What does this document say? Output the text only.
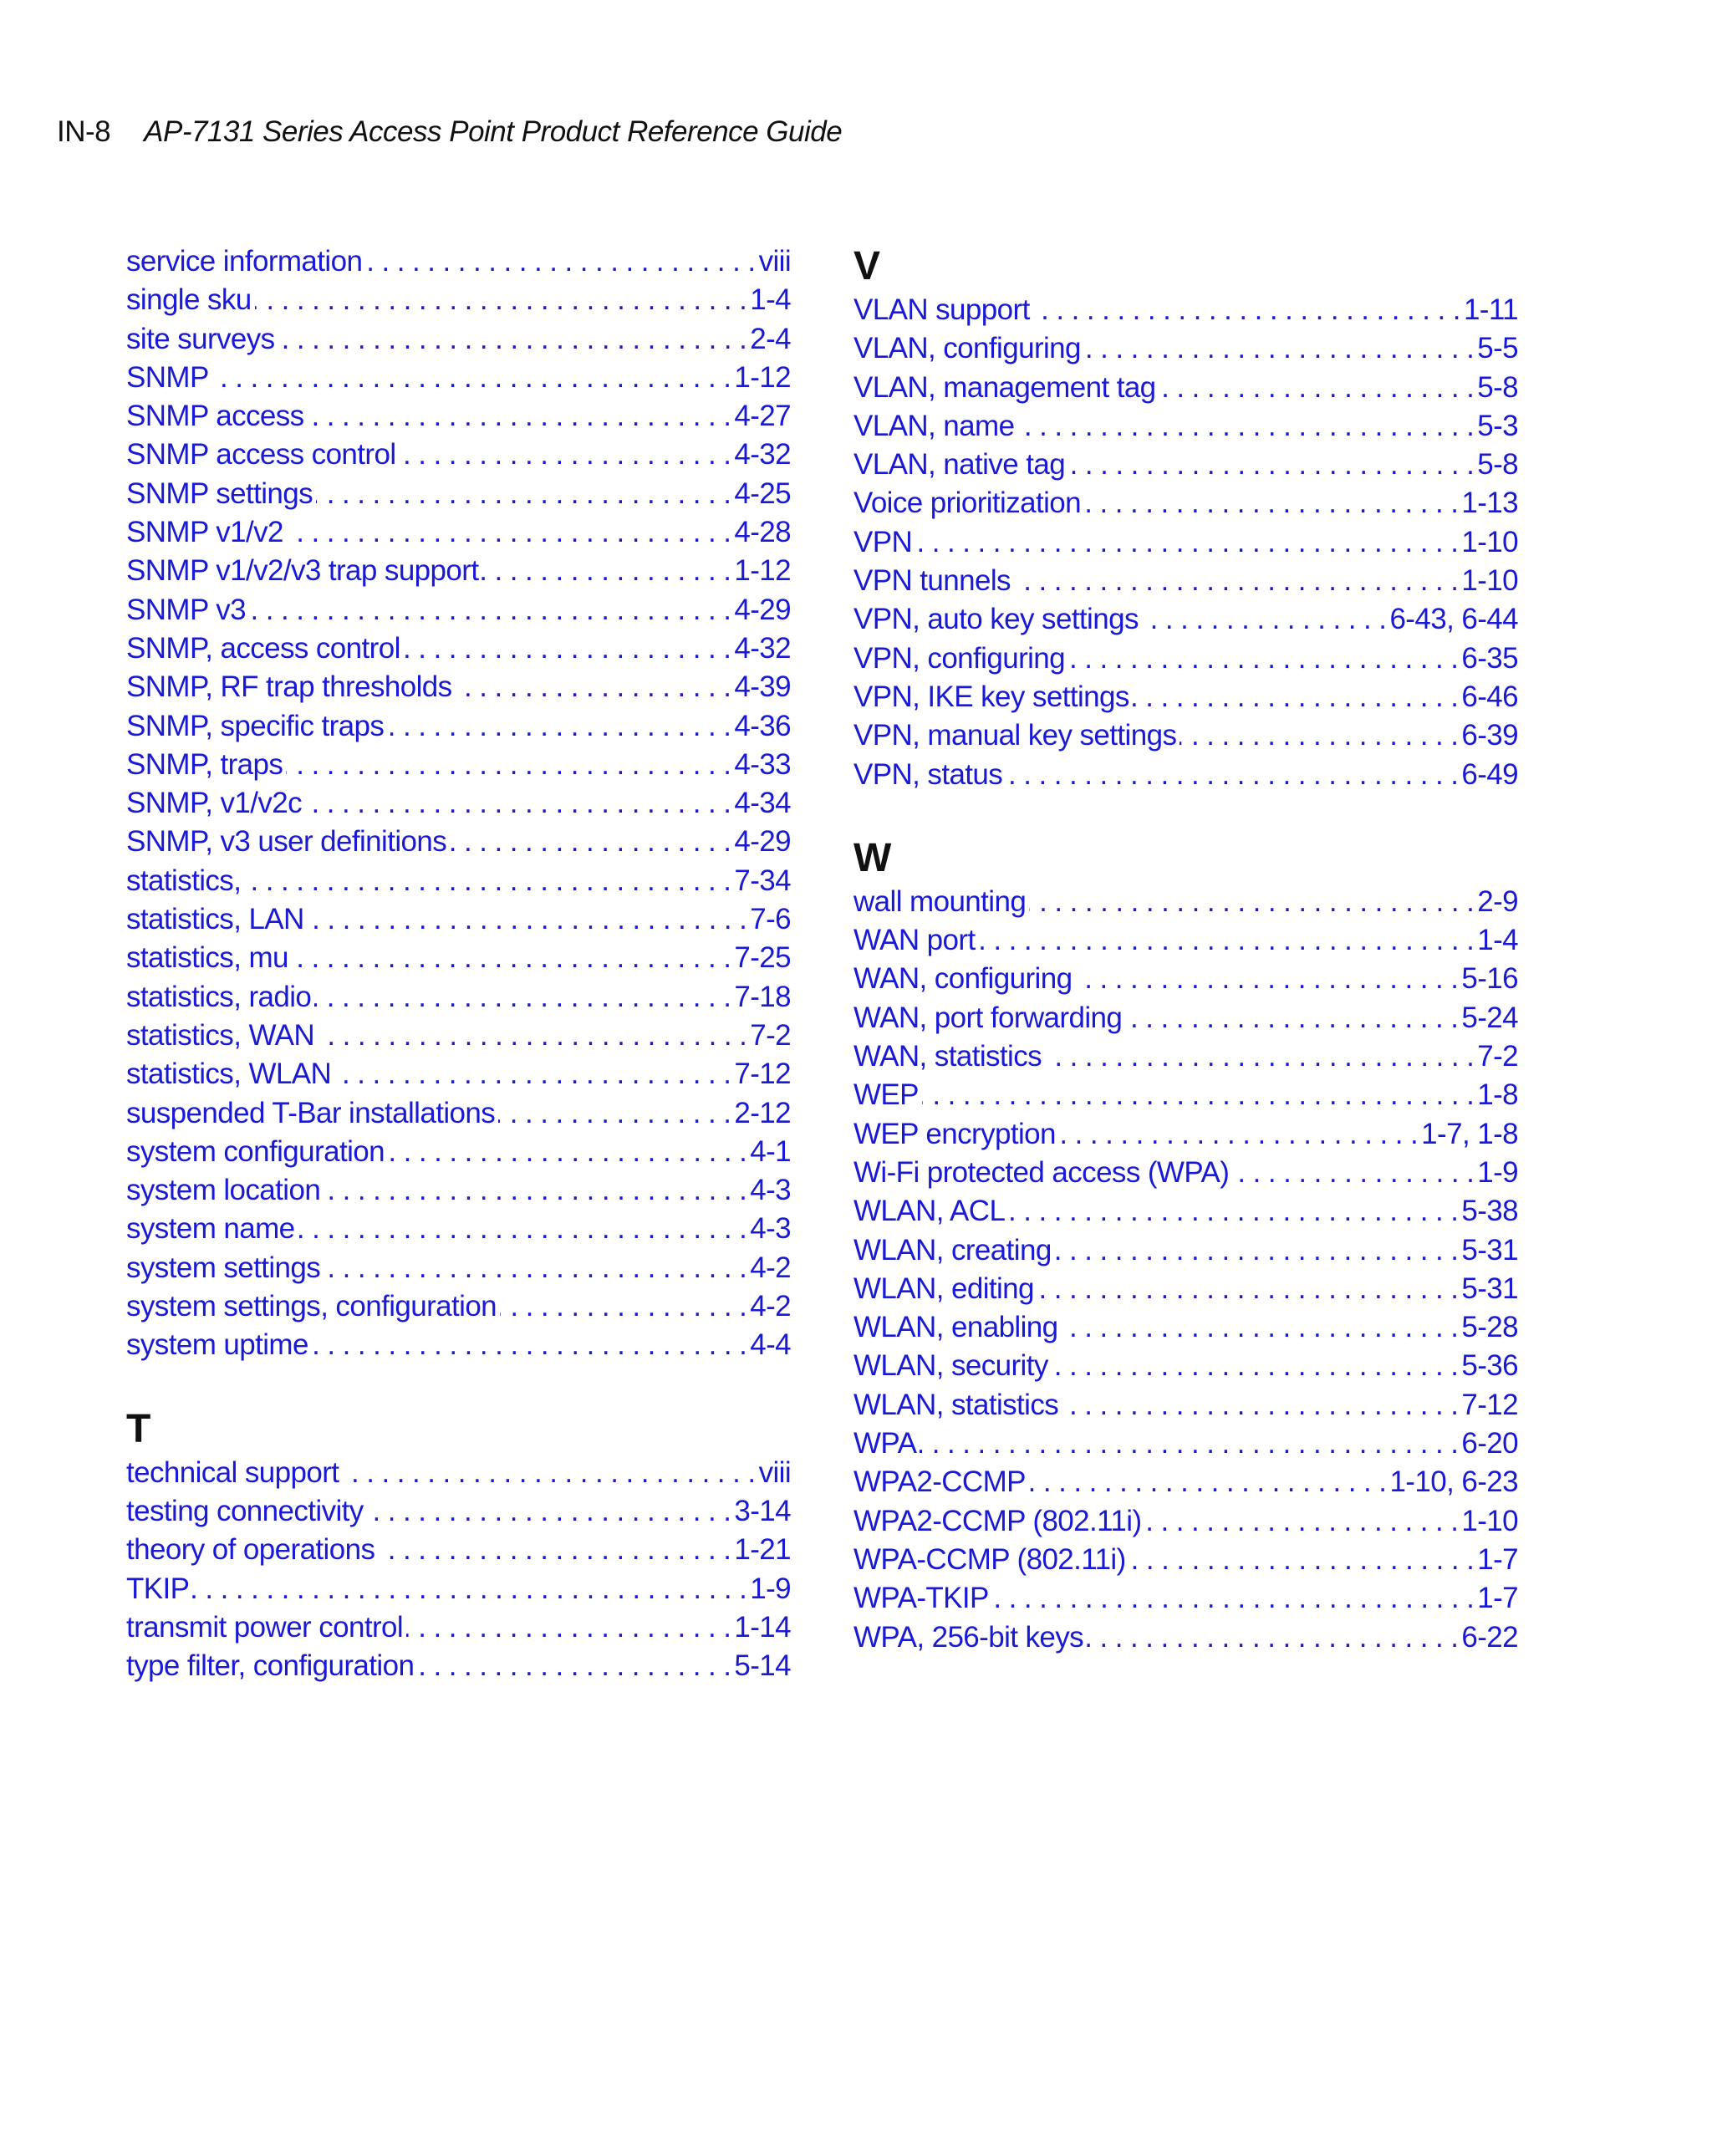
IN-8 AP-7131 Series Access Point Product Reference Guide
service information . . .	viii
single sku . . .	1-4
site surveys . . .	2-4
SNMP . . .	1-12
SNMP access . . .	4-27
SNMP access control . . .	4-32
SNMP settings . . .	4-25
SNMP v1/v2 . . .	4-28
SNMP v1/v2/v3 trap support . . .	1-12
SNMP v3 . . .	4-29
SNMP, access control . . .	4-32
SNMP, RF trap thresholds . . .	4-39
SNMP, specific traps . . .	4-36
SNMP, traps . . .	4-33
SNMP, v1/v2c . . .	4-34
SNMP, v3 user definitions . . .	4-29
statistics, . . .	7-34
statistics, LAN . . .	7-6
statistics, mu . . .	7-25
statistics, radio . . .	7-18
statistics, WAN . . .	7-2
statistics, WLAN . . .	7-12
suspended T-Bar installations . . .	2-12
system configuration . . .	4-1
system location . . .	4-3
system name . . .	4-3
system settings . . .	4-2
system settings, configuration . . .	4-2
system uptime . . .	4-4
T
technical support . . .	viii
testing connectivity . . .	3-14
theory of operations . . .	1-21
TKIP . . .	1-9
transmit power control . . .	1-14
type filter, configuration . . .	5-14
V
VLAN support . . .	1-11
VLAN, configuring . . .	5-5
VLAN, management tag . . .	5-8
VLAN, name . . .	5-3
VLAN, native tag . . .	5-8
Voice prioritization . . .	1-13
VPN . . .	1-10
VPN tunnels . . .	1-10
VPN, auto key settings . . .	6-43, 6-44
VPN, configuring . . .	6-35
VPN, IKE key settings . . .	6-46
VPN, manual key settings . . .	6-39
VPN, status . . .	6-49
W
wall mounting . . .	2-9
WAN port . . .	1-4
WAN, configuring . . .	5-16
WAN, port forwarding . . .	5-24
WAN, statistics . . .	7-2
WEP . . .	1-8
WEP encryption . . .	1-7, 1-8
Wi-Fi protected access (WPA) . . .	1-9
WLAN, ACL . . .	5-38
WLAN, creating . . .	5-31
WLAN, editing . . .	5-31
WLAN, enabling . . .	5-28
WLAN, security . . .	5-36
WLAN, statistics . . .	7-12
WPA . . .	6-20
WPA2-CCMP . . .	1-10, 6-23
WPA2-CCMP (802.11i) . . .	1-10
WPA-CCMP (802.11i) . . .	1-7
WPA-TKIP . . .	1-7
WPA, 256-bit keys . . .	6-22
